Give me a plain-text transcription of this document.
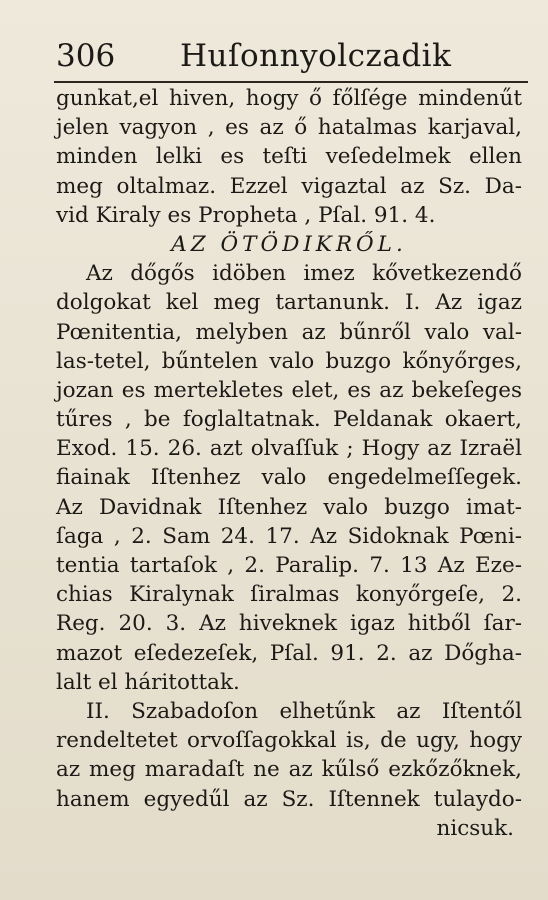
306 Huſonnyolczadik
gunkat,el hiven, hogy ő főlſége mindenűt
jelen vagyon , es az ő hatalmas karjaval,
minden lelki es teſti veſedelmek ellen
meg oltalmaz. Ezzel vigaztal az Sz. Da-
vid Kiraly es Propheta , Pſal. 91. 4.
AZ ÖTÖDIKRŐL.
Az dőgős idöben imez kővetkezendő
dolgokat kel meg tartanunk. I. Az igaz
Pœnitentia, melyben az bűnről valo val-
las-tetel, bűntelen valo buzgo kőnyőrges,
jozan es mertekletes elet, es az bekeſeges
tűres , be foglaltatnak. Peldanak okaert,
Exod. 15. 26. azt olvaſſuk ; Hogy az Izraël
fiainak Iſtenhez valo engedelmeſſegek.
Az Davidnak Iſtenhez valo buzgo imat-
ſaga , 2. Sam 24. 17. Az Sidoknak Pœni-
tentia tartaſok , 2. Paralip. 7. 13 Az Eze-
chias Kiralynak ſiralmas konyőrgeſe, 2.
Reg. 20. 3. Az hiveknek igaz hitből ſar-
mazot eſedezeſek, Pſal. 91. 2. az Dőgha-
lalt el háritottak.
II. Szabadoſon elhetűnk az Iſtentől
rendeltetet orvoſſagokkal is, de ugy, hogy
az meg maradaſt ne az kűlső ezkőzőknek,
hanem egyedűl az Sz. Iſtennek tulaydo-
nicsuk.
